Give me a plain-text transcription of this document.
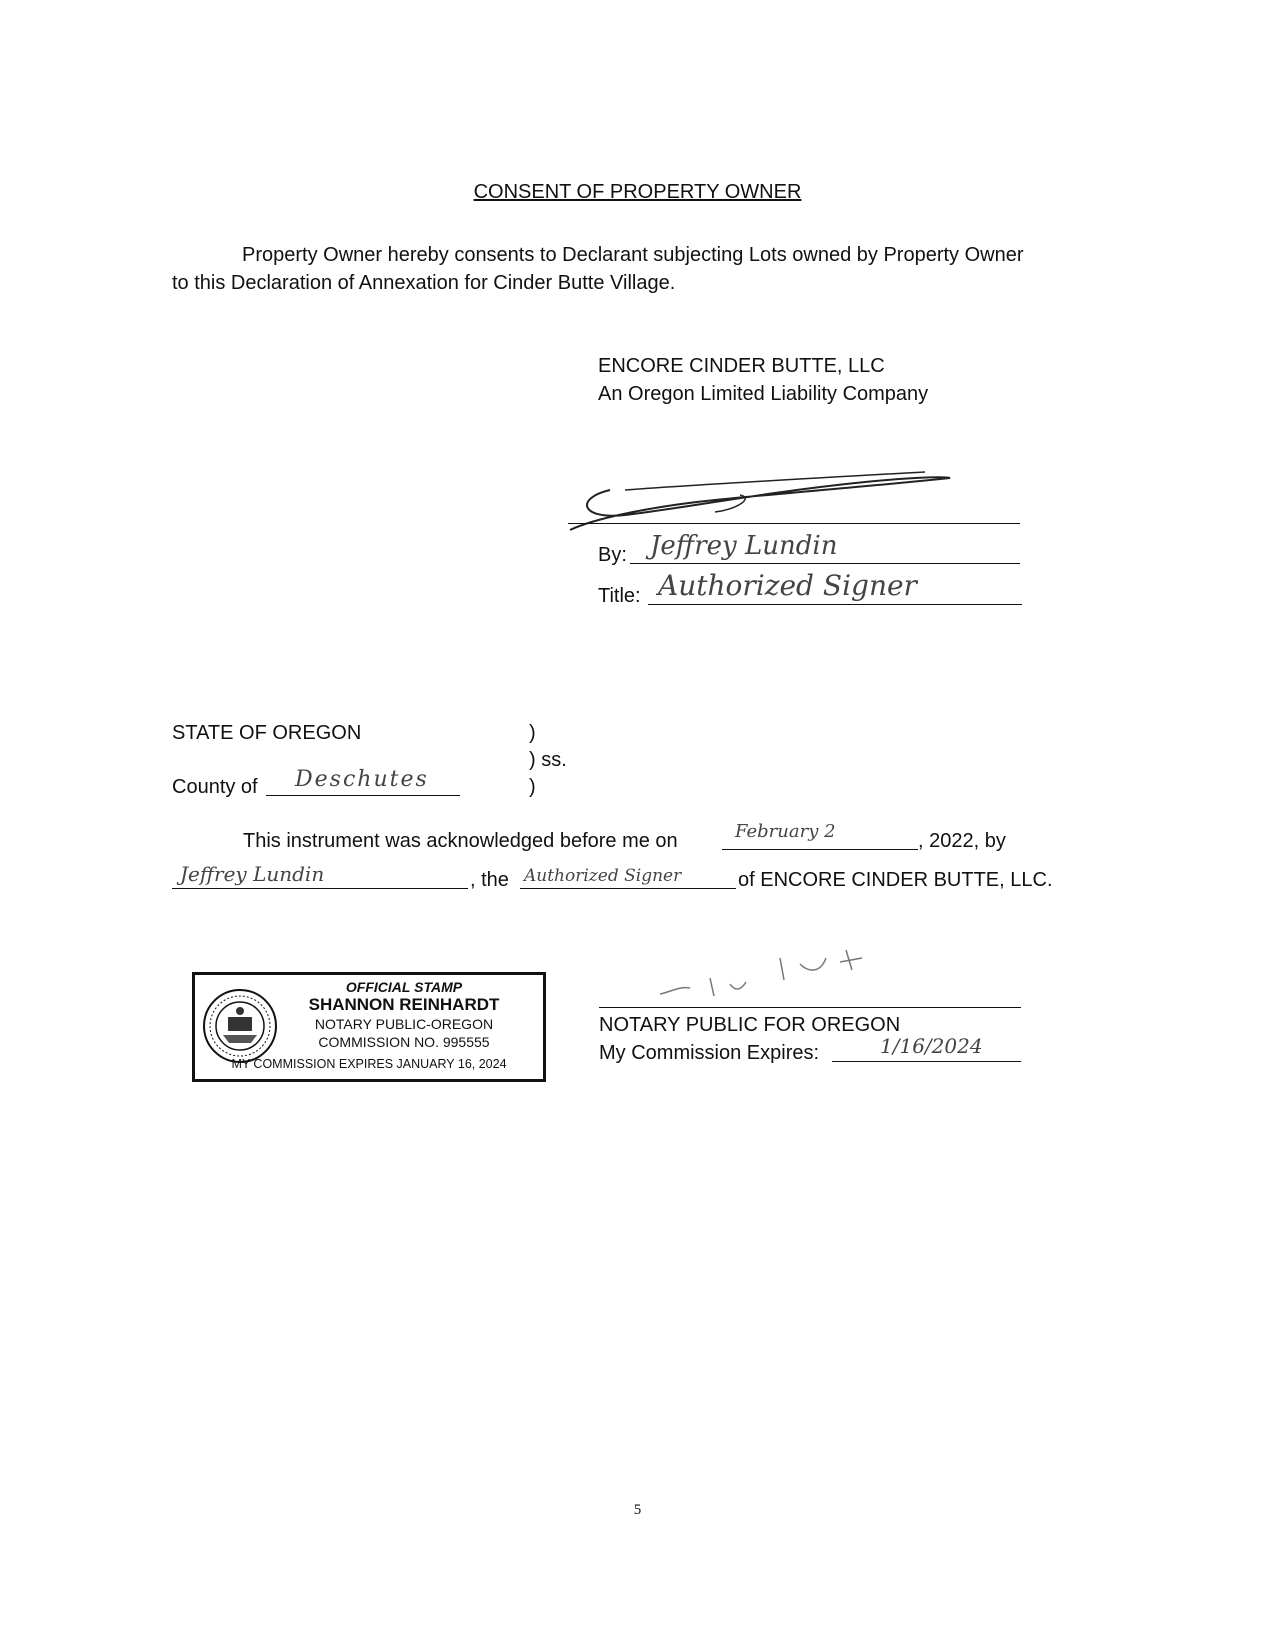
CONSENT OF PROPERTY OWNER
Property Owner hereby consents to Declarant subjecting Lots owned by Property Owner
to this Declaration of Annexation for Cinder Butte Village.
ENCORE CINDER BUTTE, LLC
An Oregon Limited Liability Company
By: Jeffrey Lundin
Title: Authorized Signer
STATE OF OREGON	)
) ss.
)
County of Deschutes
This instrument was acknowledged before me on	February 2	, 2022, by
Jeffrey Lundin	, the Authorized Signer	of ENCORE CINDER BUTTE, LLC.
OFFICIAL STAMP
SHANNON REINHARDT
NOTARY PUBLIC-OREGON
COMMISSION NO. 995555
MY COMMISSION EXPIRES JANUARY 16, 2024
NOTARY PUBLIC FOR OREGON
My Commission Expires:	1/16/2024
5
